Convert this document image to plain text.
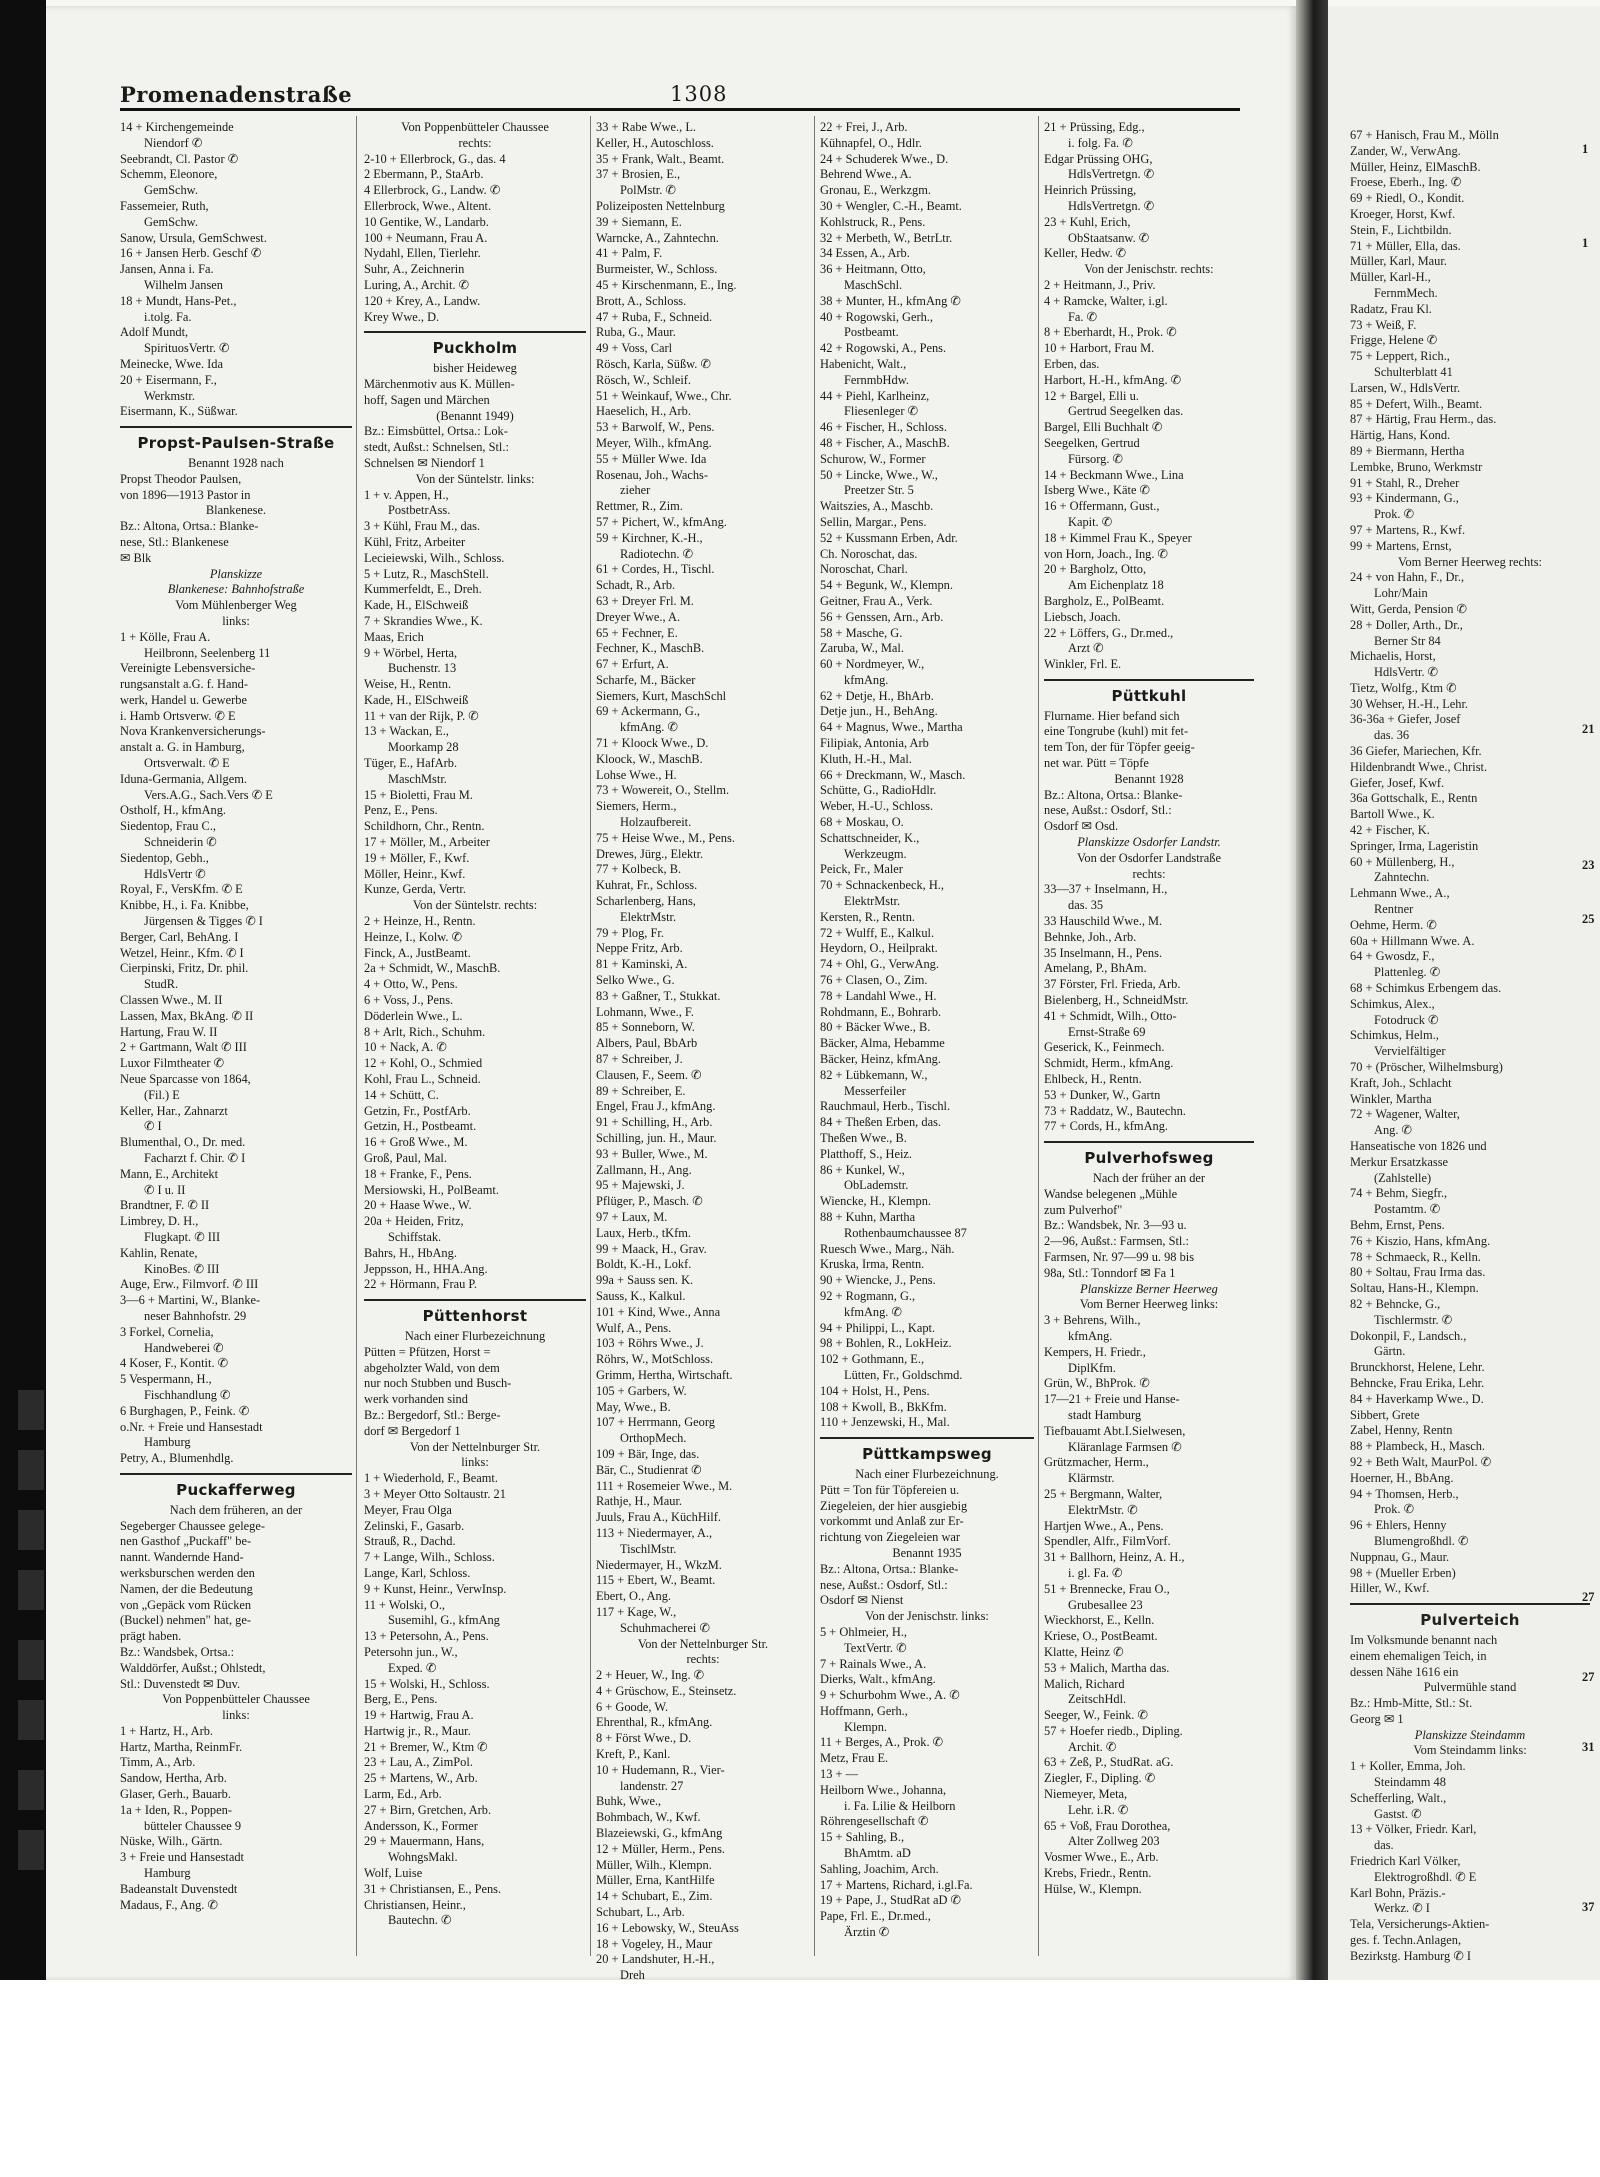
Promenadenstraße	1308
14 + Kirchengemeinde
Niendorf ✆
Seebrandt, Cl. Pastor ✆
Schemm, Eleonore,
GemSchw.
Fassemeier, Ruth,
GemSchw.
Sanow, Ursula, GemSchwest.
16 + Jansen Herb. Geschf ✆
Jansen, Anna i. Fa.
Wilhelm Jansen
18 + Mundt, Hans-Pet.,
i.tolg. Fa.
Adolf Mundt,
SpirituosVertr. ✆
Meinecke, Wwe. Ida
20 + Eisermann, F.,
Werkmstr.
Eisermann, K., Süßwar.
Propst-Paulsen-Straße
Benannt 1928 nach
Propst Theodor Paulsen,
von 1896—1913 Pastor in
Blankenese.
Bz.: Altona, Ortsa.: Blanke-
nese, Stl.: Blankenese
✉ Blk
Planskizze
Blankenese: Bahnhofstraße
Vom Mühlenberger Weg
links:
1 + Kölle, Frau A.
Heilbronn, Seelenberg 11
Vereinigte Lebensversiche-
rungsanstalt a.G. f. Hand-
werk, Handel u. Gewerbe
i. Hamb Ortsverw. ✆ E
Nova Krankenversicherungs-
anstalt a. G. in Hamburg,
Ortsverwalt. ✆ E
Iduna-Germania, Allgem.
Vers.A.G., Sach.Vers ✆ E
Ostholf, H., kfmAng.
Siedentop, Frau C.,
Schneiderin ✆
Siedentop, Gebh.,
HdlsVertr ✆
Royal, F., VersKfm. ✆ E
Knibbe, H., i. Fa. Knibbe,
Jürgensen & Tigges ✆ I
Berger, Carl, BehAng. I
Wetzel, Heinr., Kfm. ✆ I
Cierpinski, Fritz, Dr. phil.
StudR.
Classen Wwe., M. II
Lassen, Max, BkAng. ✆ II
Hartung, Frau W. II
2 + Gartmann, Walt ✆ III
Luxor Filmtheater ✆
Neue Sparcasse von 1864,
(Fil.) E
Keller, Har., Zahnarzt
✆ I
Blumenthal, O., Dr. med.
Facharzt f. Chir. ✆ I
Mann, E., Architekt
✆ I u. II
Brandtner, F. ✆ II
Limbrey, D. H.,
Flugkapt. ✆ III
Kahlin, Renate,
KinoBes. ✆ III
Auge, Erw., Filmvorf. ✆ III
3—6 + Martini, W., Blanke-
neser Bahnhofstr. 29
3 Forkel, Cornelia,
Handweberei ✆
4 Koser, F., Kontit. ✆
5 Vespermann, H.,
Fischhandlung ✆
6 Burghagen, P., Feink. ✆
o.Nr. + Freie und Hansestadt
Hamburg
Petry, A., Blumenhdlg.
Puckafferweg
Nach dem früheren, an der
Segeberger Chaussee gelege-
nen Gasthof „Puckaff" be-
nannt. Wandernde Hand-
werksburschen werden den
Namen, der die Bedeutung
von „Gepäck vom Rücken
(Buckel) nehmen" hat, ge-
prägt haben.
Bz.: Wandsbek, Ortsa.:
Walddörfer, Außst.; Ohlstedt,
Stl.: Duvenstedt ✉ Duv.
Von Poppenbütteler Chaussee
links:
1 + Hartz, H., Arb.
Hartz, Martha, ReinmFr.
Timm, A., Arb.
Sandow, Hertha, Arb.
Glaser, Gerh., Bauarb.
1a + Iden, R., Poppen-
bütteler Chaussee 9
Nüske, Wilh., Gärtn.
3 + Freie und Hansestadt
Hamburg
Badeanstalt Duvenstedt
Madaus, F., Ang. ✆
Von Poppenbütteler Chaussee
rechts:
2-10 + Ellerbrock, G., das. 4
2 Ebermann, P., StaArb.
4 Ellerbrock, G., Landw. ✆
Ellerbrock, Wwe., Altent.
10 Gentike, W., Landarb.
100 + Neumann, Frau A.
Nydahl, Ellen, Tierlehr.
Suhr, A., Zeichnerin
Luring, A., Archit. ✆
120 + Krey, A., Landw.
Krey Wwe., D.
Puckholm
bisher Heideweg
Märchenmotiv aus K. Müllen-
hoff, Sagen und Märchen
(Benannt 1949)
Bz.: Eimsbüttel, Ortsa.: Lok-
stedt, Außst.: Schnelsen, Stl.:
Schnelsen ✉ Niendorf 1
Von der Süntelstr. links:
1 + v. Appen, H.,
PostbetrAss.
3 + Kühl, Frau M., das.
Kühl, Fritz, Arbeiter
Lecieiewski, Wilh., Schloss.
5 + Lutz, R., MaschStell.
Kummerfeldt, E., Dreh.
Kade, H., ElSchweiß
7 + Skrandies Wwe., K.
Maas, Erich
9 + Wörbel, Herta,
Buchenstr. 13
Weise, H., Rentn.
Kade, H., ElSchweiß
11 + van der Rijk, P. ✆
13 + Wackan, E.,
Moorkamp 28
Tüger, E., HafArb.
MaschMstr.
15 + Bioletti, Frau M.
Penz, E., Pens.
Schildhorn, Chr., Rentn.
17 + Möller, M., Arbeiter
19 + Möller, F., Kwf.
Möller, Heinr., Kwf.
Kunze, Gerda, Vertr.
Von der Süntelstr. rechts:
2 + Heinze, H., Rentn.
Heinze, I., Kolw. ✆
Finck, A., JustBeamt.
2a + Schmidt, W., MaschB.
4 + Otto, W., Pens.
6 + Voss, J., Pens.
Döderlein Wwe., L.
8 + Arlt, Rich., Schuhm.
10 + Nack, A. ✆
12 + Kohl, O., Schmied
Kohl, Frau L., Schneid.
14 + Schütt, C.
Getzin, Fr., PostfArb.
Getzin, H., Postbeamt.
16 + Groß Wwe., M.
Groß, Paul, Mal.
18 + Franke, F., Pens.
Mersiowski, H., PolBeamt.
20 + Haase Wwe., W.
20a + Heiden, Fritz,
Schiffstak.
Bahrs, H., HbAng.
Jeppsson, H., HHA.Ang.
22 + Hörmann, Frau P.
Püttenhorst
Nach einer Flurbezeichnung
Pütten = Pfützen, Horst =
abgeholzter Wald, von dem
nur noch Stubben und Busch-
werk vorhanden sind
Bz.: Bergedorf, Stl.: Berge-
dorf ✉ Bergedorf 1
Von der Nettelnburger Str.
links:
1 + Wiederhold, F., Beamt.
3 + Meyer Otto Soltaustr. 21
Meyer, Frau Olga
Zelinski, F., Gasarb.
Strauß, R., Dachd.
7 + Lange, Wilh., Schloss.
Lange, Karl, Schloss.
9 + Kunst, Heinr., VerwInsp.
11 + Wolski, O.,
Susemihl, G., kfmAng
13 + Petersohn, A., Pens.
Petersohn jun., W.,
Exped. ✆
15 + Wolski, H., Schloss.
Berg, E., Pens.
19 + Hartwig, Frau A.
Hartwig jr., R., Maur.
21 + Bremer, W., Ktm ✆
23 + Lau, A., ZimPol.
25 + Martens, W., Arb.
Larm, Ed., Arb.
27 + Birn, Gretchen, Arb.
Andersson, K., Former
29 + Mauermann, Hans,
WohngsMakl.
Wolf, Luise
31 + Christiansen, E., Pens.
Christiansen, Heinr.,
Bautechn. ✆
33 + Rabe Wwe., L.
Keller, H., Autoschloss.
35 + Frank, Walt., Beamt.
37 + Brosien, E.,
PolMstr. ✆
Polizeiposten Nettelnburg
39 + Siemann, E.
Warncke, A., Zahntechn.
41 + Palm, F.
Burmeister, W., Schloss.
45 + Kirschenmann, E., Ing.
Brott, A., Schloss.
47 + Ruba, F., Schneid.
Ruba, G., Maur.
49 + Voss, Carl
Rösch, Karla, Süßw. ✆
Rösch, W., Schleif.
51 + Weinkauf, Wwe., Chr.
Haeselich, H., Arb.
53 + Barwolf, W., Pens.
Meyer, Wilh., kfmAng.
55 + Müller Wwe. Ida
Rosenau, Joh., Wachs-
zieher
Rettmer, R., Zim.
57 + Pichert, W., kfmAng.
59 + Kirchner, K.-H.,
Radiotechn. ✆
61 + Cordes, H., Tischl.
Schadt, R., Arb.
63 + Dreyer Frl. M.
Dreyer Wwe., A.
65 + Fechner, E.
Fechner, K., MaschB.
67 + Erfurt, A.
Scharfe, M., Bäcker
Siemers, Kurt, MaschSchl
69 + Ackermann, G.,
kfmAng. ✆
71 + Kloock Wwe., D.
Kloock, W., MaschB.
Lohse Wwe., H.
73 + Wowereit, O., Stellm.
Siemers, Herm.,
Holzaufbereit.
75 + Heise Wwe., M., Pens.
Drewes, Jürg., Elektr.
77 + Kolbeck, B.
Kuhrat, Fr., Schloss.
Scharlenberg, Hans,
ElektrMstr.
79 + Plog, Fr.
Neppe Fritz, Arb.
81 + Kaminski, A.
Selko Wwe., G.
83 + Gaßner, T., Stukkat.
Lohmann, Wwe., F.
85 + Sonneborn, W.
Albers, Paul, BbArb
87 + Schreiber, J.
Clausen, F., Seem. ✆
89 + Schreiber, E.
Engel, Frau J., kfmAng.
91 + Schilling, H., Arb.
Schilling, jun. H., Maur.
93 + Buller, Wwe., M.
Zallmann, H., Ang.
95 + Majewski, J.
Pflüger, P., Masch. ✆
97 + Laux, M.
Laux, Herb., tKfm.
99 + Maack, H., Grav.
Boldt, K.-H., Lokf.
99a + Sauss sen. K.
Sauss, K., Kalkul.
101 + Kind, Wwe., Anna
Wulf, A., Pens.
103 + Röhrs Wwe., J.
Röhrs, W., MotSchloss.
Grimm, Hertha, Wirtschaft.
105 + Garbers, W.
May, Wwe., B.
107 + Herrmann, Georg
OrthopMech.
109 + Bär, Inge, das.
Bär, C., Studienrat ✆
111 + Rosemeier Wwe., M.
Rathje, H., Maur.
Juuls, Frau A., KüchHilf.
113 + Niedermayer, A.,
TischlMstr.
Niedermayer, H., WkzM.
115 + Ebert, W., Beamt.
Ebert, O., Ang.
117 + Kage, W.,
Schuhmacherei ✆
Von der Nettelnburger Str.
rechts:
2 + Heuer, W., Ing. ✆
4 + Grüschow, E., Steinsetz.
6 + Goode, W.
Ehrenthal, R., kfmAng.
8 + Först Wwe., D.
Kreft, P., Kanl.
10 + Hudemann, R., Vier-
landenstr. 27
Buhk, Wwe.,
Bohmbach, W., Kwf.
Blazeiewski, G., kfmAng
12 + Müller, Herm., Pens.
Müller, Wilh., Klempn.
Müller, Erna, KantHilfe
14 + Schubart, E., Zim.
Schubart, L., Arb.
16 + Lebowsky, W., SteuAss
18 + Vogeley, H., Maur
20 + Landshuter, H.-H.,
Dreh
22 + Frei, J., Arb.
Kühnapfel, O., Hdlr.
24 + Schuderek Wwe., D.
Behrend Wwe., A.
Gronau, E., Werkzgm.
30 + Wengler, C.-H., Beamt.
Kohlstruck, R., Pens.
32 + Merbeth, W., BetrLtr.
34 Essen, A., Arb.
36 + Heitmann, Otto,
MaschSchl.
38 + Munter, H., kfmAng ✆
40 + Rogowski, Gerh.,
Postbeamt.
42 + Rogowski, A., Pens.
Habenicht, Walt.,
FernmbHdw.
44 + Piehl, Karlheinz,
Fliesenleger ✆
46 + Fischer, H., Schloss.
48 + Fischer, A., MaschB.
Schurow, W., Former
50 + Lincke, Wwe., W.,
Preetzer Str. 5
Waitszies, A., Maschb.
Sellin, Margar., Pens.
52 + Kussmann Erben, Adr.
Ch. Noroschat, das.
Noroschat, Charl.
54 + Begunk, W., Klempn.
Geitner, Frau A., Verk.
56 + Genssen, Arn., Arb.
58 + Masche, G.
Zaruba, W., Mal.
60 + Nordmeyer, W.,
kfmAng.
62 + Detje, H., BhArb.
Detje jun., H., BehAng.
64 + Magnus, Wwe., Martha
Filipiak, Antonia, Arb
Kluth, H.-H., Mal.
66 + Dreckmann, W., Masch.
Schütte, G., RadioHdlr.
Weber, H.-U., Schloss.
68 + Moskau, O.
Schattschneider, K.,
Werkzeugm.
Peick, Fr., Maler
70 + Schnackenbeck, H.,
ElektrMstr.
Kersten, R., Rentn.
72 + Wulff, E., Kalkul.
Heydorn, O., Heilprakt.
74 + Ohl, G., VerwAng.
76 + Clasen, O., Zim.
78 + Landahl Wwe., H.
Rohdmann, E., Bohrarb.
80 + Bäcker Wwe., B.
Bäcker, Alma, Hebamme
Bäcker, Heinz, kfmAng.
82 + Lübkemann, W.,
Messerfeiler
Rauchmaul, Herb., Tischl.
84 + Theßen Erben, das.
Theßen Wwe., B.
Platthoff, S., Heiz.
86 + Kunkel, W.,
ObLademstr.
Wiencke, H., Klempn.
88 + Kuhn, Martha
Rothenbaumchaussee 87
Ruesch Wwe., Marg., Näh.
Kruska, Irma, Rentn.
90 + Wiencke, J., Pens.
92 + Rogmann, G.,
kfmAng. ✆
94 + Philippi, L., Kapt.
98 + Bohlen, R., LokHeiz.
102 + Gothmann, E.,
Lütten, Fr., Goldschmd.
104 + Holst, H., Pens.
108 + Kwoll, B., BkKfm.
110 + Jenzewski, H., Mal.
Püttkampsweg
Nach einer Flurbezeichnung.
Pütt = Ton für Töpfereien u.
Ziegeleien, der hier ausgiebig
vorkommt und Anlaß zur Er-
richtung von Ziegeleien war
Benannt 1935
Bz.: Altona, Ortsa.: Blanke-
nese, Außst.: Osdorf, Stl.:
Osdorf ✉ Nienst
Von der Jenischstr. links:
5 + Ohlmeier, H.,
TextVertr. ✆
7 + Rainals Wwe., A.
Dierks, Walt., kfmAng.
9 + Schurbohm Wwe., A. ✆
Hoffmann, Gerh.,
Klempn.
11 + Berges, A., Prok. ✆
Metz, Frau E.
13 + —
Heilborn Wwe., Johanna,
i. Fa. Lilie & Heilborn
Röhrengesellschaft ✆
15 + Sahling, B.,
BhAmtm. aD
Sahling, Joachim, Arch.
17 + Martens, Richard, i.gl.Fa.
19 + Pape, J., StudRat aD ✆
Pape, Frl. E., Dr.med.,
Ärztin ✆
21 + Prüssing, Edg.,
i. folg. Fa. ✆
Edgar Prüssing OHG,
HdlsVertretgn. ✆
Heinrich Prüssing,
HdlsVertretgn. ✆
23 + Kuhl, Erich,
ObStaatsanw. ✆
Keller, Hedw. ✆
Von der Jenischstr. rechts:
2 + Heitmann, J., Priv.
4 + Ramcke, Walter, i.gl.
Fa. ✆
8 + Eberhardt, H., Prok. ✆
10 + Harbort, Frau M.
Erben, das.
Harbort, H.-H., kfmAng. ✆
12 + Bargel, Elli u.
Gertrud Seegelken das.
Bargel, Elli Buchhalt ✆
Seegelken, Gertrud
Fürsorg. ✆
14 + Beckmann Wwe., Lina
Isberg Wwe., Käte ✆
16 + Offermann, Gust.,
Kapit. ✆
18 + Kimmel Frau K., Speyer
von Horn, Joach., Ing. ✆
20 + Bargholz, Otto,
Am Eichenplatz 18
Bargholz, E., PolBeamt.
Liebsch, Joach.
22 + Löffers, G., Dr.med.,
Arzt ✆
Winkler, Frl. E.
Püttkuhl
Flurname. Hier befand sich
eine Tongrube (kuhl) mit fet-
tem Ton, der für Töpfer geeig-
net war. Pütt = Töpfe
Benannt 1928
Bz.: Altona, Ortsa.: Blanke-
nese, Außst.: Osdorf, Stl.:
Osdorf ✉ Osd.
Planskizze Osdorfer Landstr.
Von der Osdorfer Landstraße
rechts:
33—37 + Inselmann, H.,
das. 35
33 Hauschild Wwe., M.
Behnke, Joh., Arb.
35 Inselmann, H., Pens.
Amelang, P., BhAm.
37 Förster, Frl. Frieda, Arb.
Bielenberg, H., SchneidMstr.
41 + Schmidt, Wilh., Otto-
Ernst-Straße 69
Geserick, K., Feinmech.
Schmidt, Herm., kfmAng.
Ehlbeck, H., Rentn.
53 + Dunker, W., Gartn
73 + Raddatz, W., Bautechn.
77 + Cords, H., kfmAng.
Pulverhofsweg
Nach der früher an der
Wandse belegenen „Mühle
zum Pulverhof"
Bz.: Wandsbek, Nr. 3—93 u.
2—96, Außst.: Farmsen, Stl.:
Farmsen, Nr. 97—99 u. 98 bis
98a, Stl.: Tonndorf ✉ Fa 1
Planskizze Berner Heerweg
Vom Berner Heerweg links:
3 + Behrens, Wilh.,
kfmAng.
Kempers, H. Friedr.,
DiplKfm.
Grün, W., BhProk. ✆
17—21 + Freie und Hanse-
stadt Hamburg
Tiefbauamt Abt.I.Sielwesen,
Kläranlage Farmsen ✆
Grützmacher, Herm.,
Klärmstr.
25 + Bergmann, Walter,
ElektrMstr. ✆
Hartjen Wwe., A., Pens.
Spendler, Alfr., FilmVorf.
31 + Ballhorn, Heinz, A. H.,
i. gl. Fa. ✆
51 + Brennecke, Frau O.,
Grubesallee 23
Wieckhorst, E., Kelln.
Kriese, O., PostBeamt.
Klatte, Heinz ✆
53 + Malich, Martha das.
Malich, Richard
ZeitschHdl.
Seeger, W., Feink. ✆
57 + Hoefer riedb., Dipling.
Archit. ✆
63 + Zeß, P., StudRat. aG.
Ziegler, F., Dipling. ✆
Niemeyer, Meta,
Lehr. i.R. ✆
65 + Voß, Frau Dorothea,
Alter Zollweg 203
Vosmer Wwe., E., Arb.
Krebs, Friedr., Rentn.
Hülse, W., Klempn.
67 + Hanisch, Frau M., Mölln
Zander, W., VerwAng.
Müller, Heinz, ElMaschB.
Froese, Eberh., Ing. ✆
69 + Riedl, O., Kondit.
Kroeger, Horst, Kwf.
Stein, F., Lichtbildn.
71 + Müller, Ella, das.
Müller, Karl, Maur.
Müller, Karl-H.,
FernmMech.
Radatz, Frau Kl.
73 + Weiß, F.
Frigge, Helene ✆
75 + Leppert, Rich.,
Schulterblatt 41
Larsen, W., HdlsVertr.
85 + Defert, Wilh., Beamt.
87 + Härtig, Frau Herm., das.
Härtig, Hans, Kond.
89 + Biermann, Hertha
Lembke, Bruno, Werkmstr
91 + Stahl, R., Dreher
93 + Kindermann, G.,
Prok. ✆
97 + Martens, R., Kwf.
99 + Martens, Ernst,
Vom Berner Heerweg rechts:
24 + von Hahn, F., Dr.,
Lohr/Main
Witt, Gerda, Pension ✆
28 + Doller, Arth., Dr.,
Berner Str 84
Michaelis, Horst,
HdlsVertr. ✆
Tietz, Wolfg., Ktm ✆
30 Wehser, H.-H., Lehr.
36-36a + Giefer, Josef
das. 36
36 Giefer, Mariechen, Kfr.
Hildenbrandt Wwe., Christ.
Giefer, Josef, Kwf.
36a Gottschalk, E., Rentn
Bartoll Wwe., K.
42 + Fischer, K.
Springer, Irma, Lageristin
60 + Müllenberg, H.,
Zahntechn.
Lehmann Wwe., A.,
Rentner
Oehme, Herm. ✆
60a + Hillmann Wwe. A.
64 + Gwosdz, F.,
Plattenleg. ✆
68 + Schimkus Erbengem das.
Schimkus, Alex.,
Fotodruck ✆
Schimkus, Helm.,
Vervielfältiger
70 + (Pröscher, Wilhelmsburg)
Kraft, Joh., Schlacht
Winkler, Martha
72 + Wagener, Walter,
Ang. ✆
Hanseatische von 1826 und
Merkur Ersatzkasse
(Zahlstelle)
74 + Behm, Siegfr.,
Postamtm. ✆
Behm, Ernst, Pens.
76 + Kiszio, Hans, kfmAng.
78 + Schmaeck, R., Kelln.
80 + Soltau, Frau Irma das.
Soltau, Hans-H., Klempn.
82 + Behncke, G.,
Tischlermstr. ✆
Dokonpil, F., Landsch.,
Gärtn.
Brunckhorst, Helene, Lehr.
Behncke, Frau Erika, Lehr.
84 + Haverkamp Wwe., D.
Sibbert, Grete
Zabel, Henny, Rentn
88 + Plambeck, H., Masch.
92 + Beth Walt, MaurPol. ✆
Hoerner, H., BbAng.
94 + Thomsen, Herb.,
Prok. ✆
96 + Ehlers, Henny
Blumengroßhdl. ✆
Nuppnau, G., Maur.
98 + (Mueller Erben)
Hiller, W., Kwf.
Pulverteich
Im Volksmunde benannt nach
einem ehemaligen Teich, in
dessen Nähe 1616 ein
Pulvermühle stand
Bz.: Hmb-Mitte, Stl.: St.
Georg ✉ 1
Planskizze Steindamm
Vom Steindamm links:
1 + Koller, Emma, Joh.
Steindamm 48
Schefferling, Walt.,
Gastst. ✆
13 + Völker, Friedr. Karl,
das.
Friedrich Karl Völker,
Elektrogroßhdl. ✆ E
Karl Bohn, Präzis.-
Werkz. ✆ I
Tela, Versicherungs-Aktien-
ges. f. Techn.Anlagen,
Bezirkstg. Hamburg ✆ I
1
1
21
23
25
27
27
31
37
